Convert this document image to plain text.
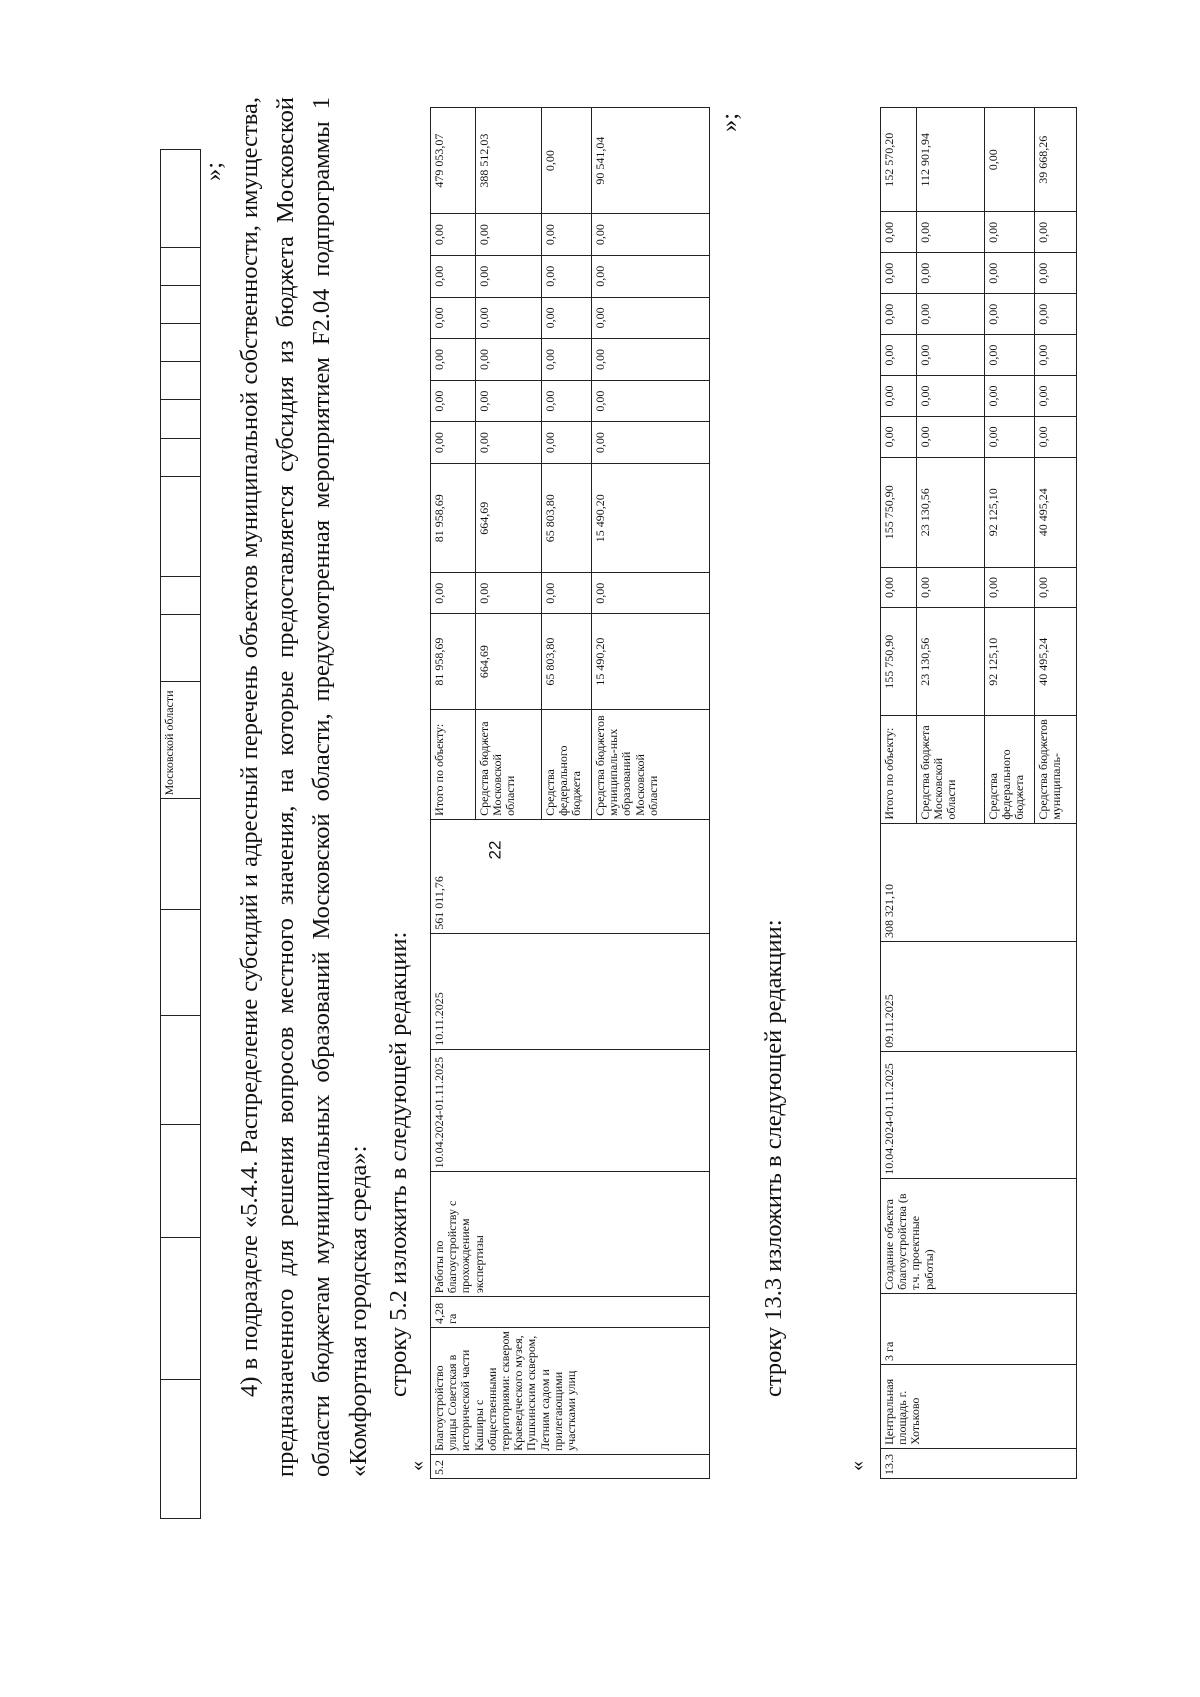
22
						Московской области										
»; 4) в подразделе «5.4.4. Распределение субсидий и адресный перечень объектов муниципальной собственности, имущества, предназначенного для решения вопросов местного значения, на которые предоставляется субсидия из бюджета Московской области бюджетам муниципальных образований Московской области, предусмотренная мероприятием F2.04 подпрограммы 1 «Комфортная городская среда»: строку 5.2 изложить в следующей редакции:

« 5.2	Благоустройство улицы Советская в исторической части Каширы с общественными территориями: сквером Краеведческого музея, Пушкинским сквером, Летним садом и прилегающими участками улиц	4,28 га	Работы по благоустройству с прохождением экспертизы	10.04.2024-01.11.2025	10.11.2025	561 011,76	Итого по объекту:	81 958,69	0,00	81 958,69	0,00	0,00	0,00	0,00	0,00	0,00	479 053,07
							Средства бюджета Московской области	664,69	0,00	664,69	0,00	0,00	0,00	0,00	0,00	0,00	388 512,03
							Средства федерального бюджета	65 803,80	0,00	65 803,80	0,00	0,00	0,00	0,00	0,00	0,00	0,00
							Средства бюджетов муниципаль-ных образований Московской области	15 490,20	0,00	15 490,20	0,00	0,00	0,00	0,00	0,00	0,00	90 541,04
»;
строку 13.3 изложить в следующей редакции:
« 13.3	Центральная площадь г. Хотьково	3 га	Создание объекта благоустройства (в т.ч. проектные работы)	10.04.2024-01.11.2025	09.11.2025	308 321,10	Итого по объекту:	155 750,90	0,00	155 750,90	0,00	0,00	0,00	0,00	0,00	0,00	152 570,20
							Средства бюджета Московской области	23 130,56	0,00	23 130,56	0,00	0,00	0,00	0,00	0,00	0,00	112 901,94
							Средства федерального бюджета	92 125,10	0,00	92 125,10	0,00	0,00	0,00	0,00	0,00	0,00	0,00
							Средства бюджетов муниципаль-	40 495,24	0,00	40 495,24	0,00	0,00	0,00	0,00	0,00	0,00	39 668,26
